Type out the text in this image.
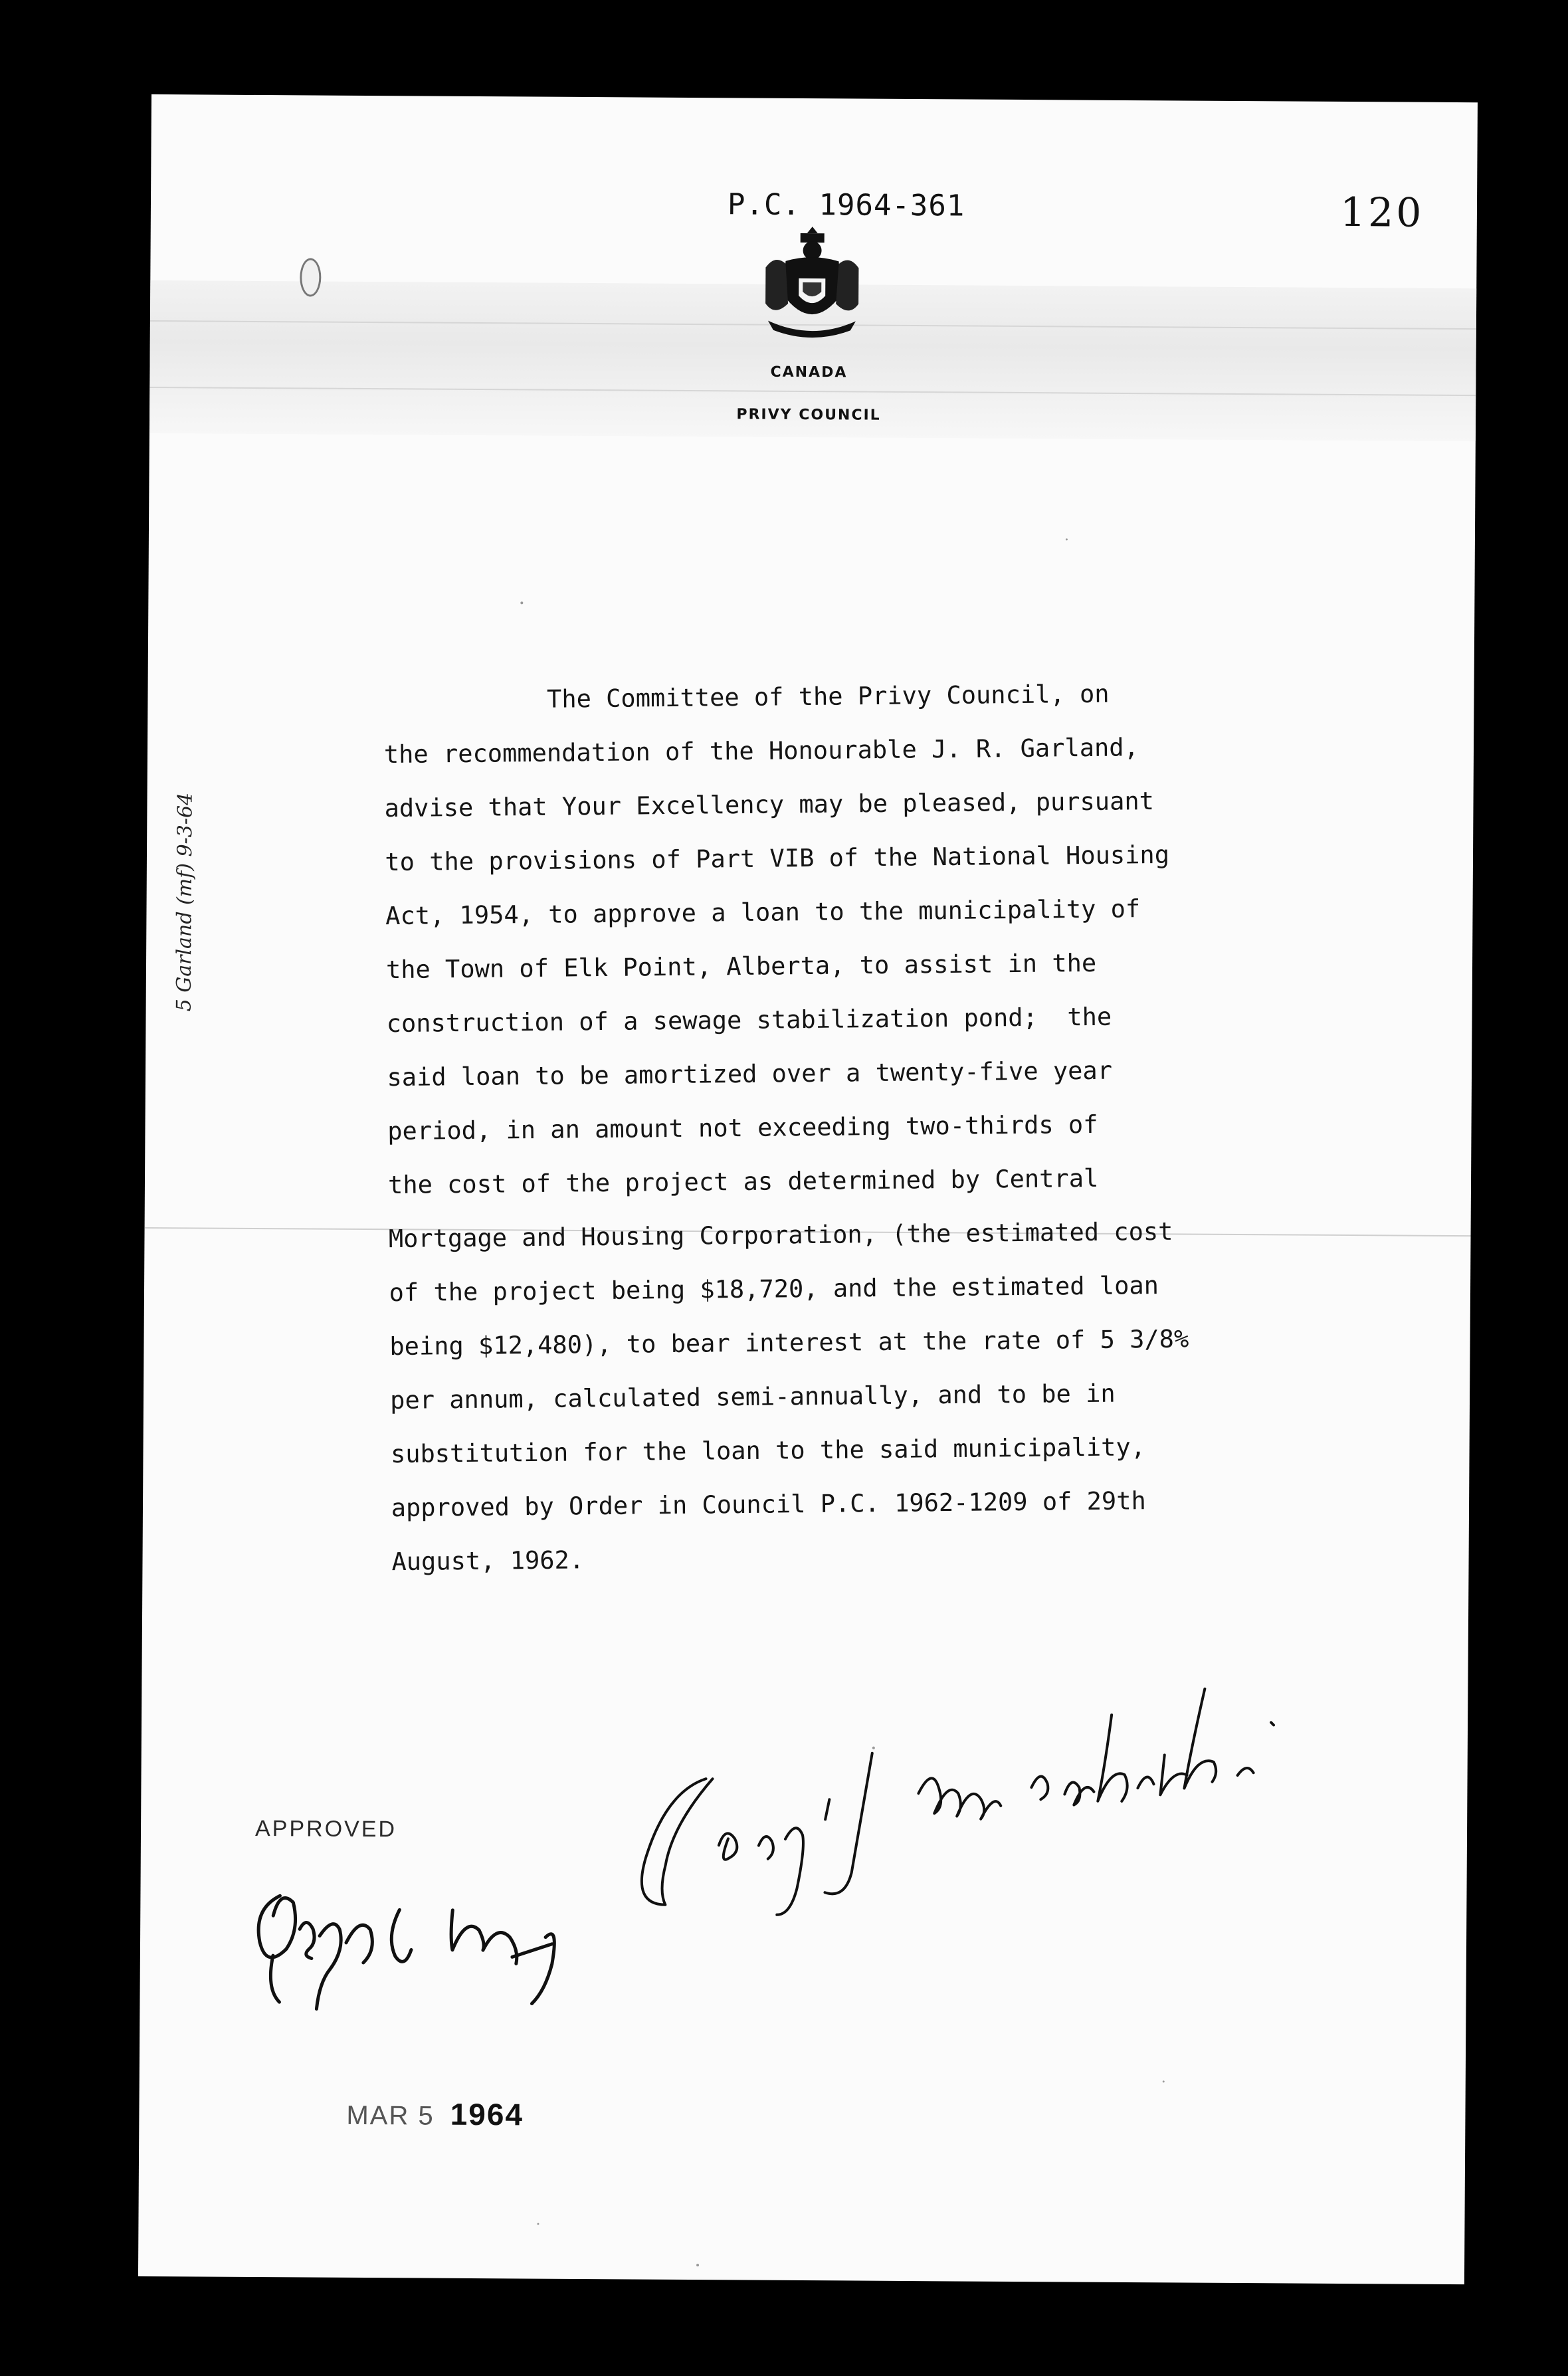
P.C. 1964-361	120
CANADA
PRIVY COUNCIL
The Committee of the Privy Council, on
the recommendation of the Honourable J. R. Garland,
advise that Your Excellency may be pleased, pursuant
to the provisions of Part VIB of the National Housing
Act, 1954, to approve a loan to the municipality of
the Town of Elk Point, Alberta, to assist in the
construction of a sewage stabilization pond;  the
said loan to be amortized over a twenty-five year
period, in an amount not exceeding two-thirds of
the cost of the project as determined by Central
Mortgage and Housing Corporation, (the estimated cost
of the project being $18,720, and the estimated loan
being $12,480), to bear interest at the rate of 5 3/8%
per annum, calculated semi-annually, and to be in
substitution for the loan to the said municipality,
approved by Order in Council P.C. 1962-1209 of 29th
August, 1962.
5 Garland (mf) 9-3-64
APPROVED
MAR 5 1964
